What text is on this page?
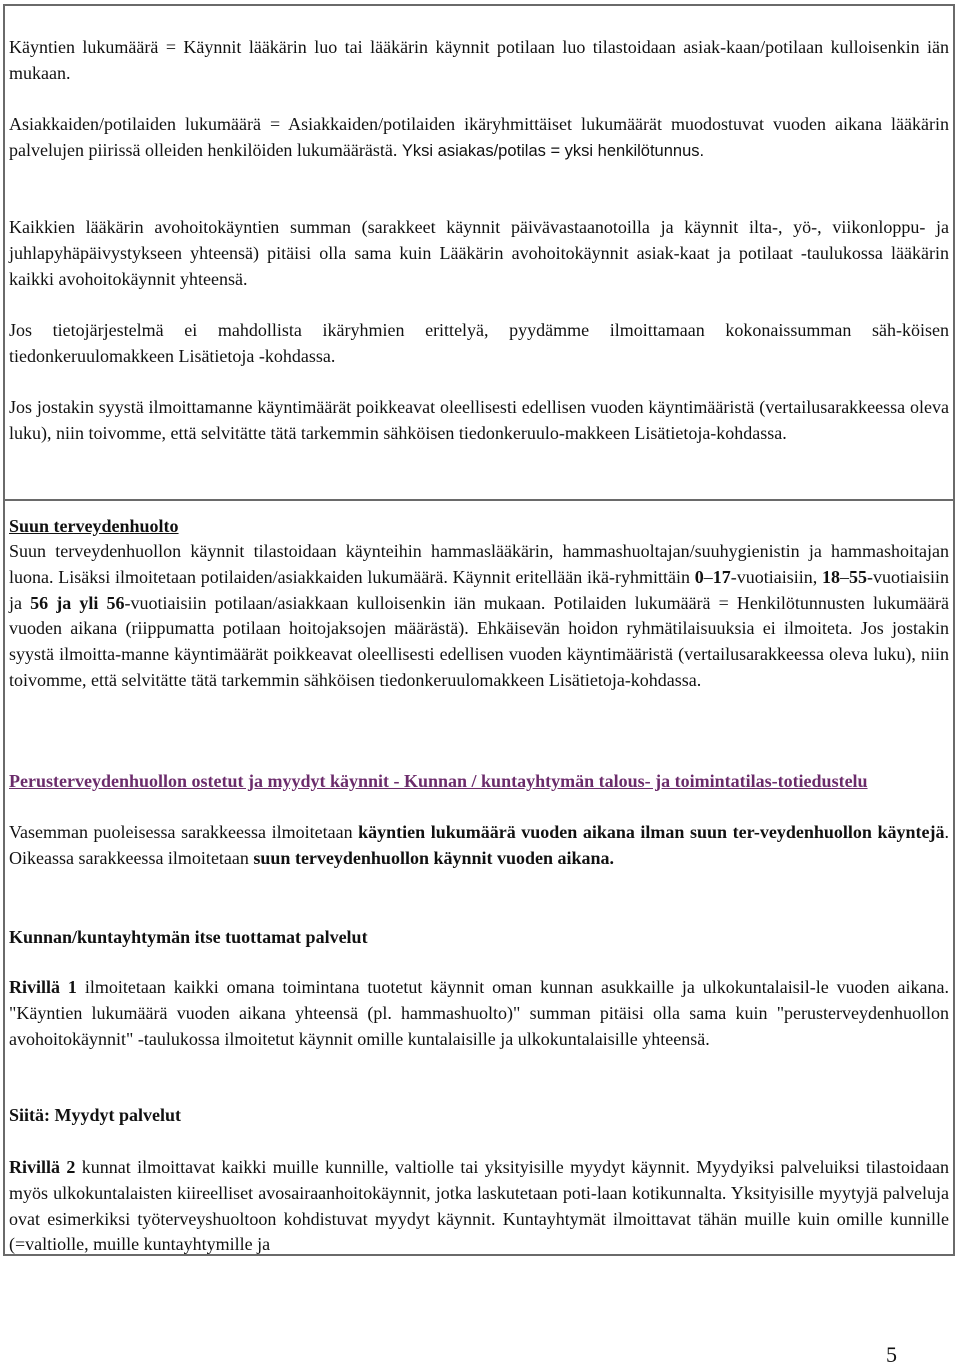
Käyntien lukumäärä = Käynnit lääkärin luo tai lääkärin käynnit potilaan luo tilastoidaan asiak-kaan/potilaan kulloisenkin iän mukaan.

Asiakkaiden/potilaiden lukumäärä = Asiakkaiden/potilaiden ikäryhmittäiset lukumäärät muodostuvat vuoden aikana lääkärin palvelujen piirissä olleiden henkilöiden lukumäärästä. Yksi asiakas/potilas = yksi henkilötunnus.

Kaikkien lääkärin avohoitokäyntien summan (sarakkeet käynnit päivävastaanotoilla ja käynnit ilta-, yö-, viikonloppu- ja juhlapyhäpäivystykseen yhteensä) pitäisi olla sama kuin Lääkärin avohoitokäynnit asiak-kaat ja potilaat -taulukossa lääkärin kaikki avohoitokäynnit yhteensä.

Jos tietojärjestelmä ei mahdollista ikäryhmien erittelyä, pyydämme ilmoittamaan kokonaissumman säh-köisen tiedonkeruulomakkeen Lisätietoja -kohdassa.

Jos jostakin syystä ilmoittamanne käyntimäärät poikkeavat oleellisesti edellisen vuoden käyntimääristä (vertailusarakkeessa oleva luku), niin toivomme, että selvitätte tätä tarkemmin sähköisen tiedonkeruulo-makkeen Lisätietoja-kohdassa.

Suun terveydenhuolto

Suun terveydenhuollon käynnit tilastoidaan käynteihin hammaslääkärin, hammashuoltajan/suuhygienistin ja hammashoitajan luona. Lisäksi ilmoitetaan potilaiden/asiakkaiden lukumäärä. Käynnit eritellään ikä-ryhmittäin 0–17-vuotiaisiin, 18–55-vuotiaisiin ja 56 ja yli 56-vuotiaisiin potilaan/asiakkaan kulloisenkin iän mukaan. Potilaiden lukumäärä = Henkilötunnusten lukumäärä vuoden aikana (riippumatta potilaan hoitojaksojen määrästä). Ehkäisevän hoidon ryhmätilaisuuksia ei ilmoiteta. Jos jostakin syystä ilmoitta-manne käyntimäärät poikkeavat oleellisesti edellisen vuoden käyntimääristä (vertailusarakkeessa oleva luku), niin toivomme, että selvitätte tätä tarkemmin sähköisen tiedonkeruulomakkeen Lisätietoja-kohdassa.

Perusterveydenhuollon ostetut ja myydyt käynnit - Kunnan / kuntayhtymän talous- ja toimintatilas-totiedustelu

Vasemman puoleisessa sarakkeessa ilmoitetaan käyntien lukumäärä vuoden aikana ilman suun ter-veydenhuollon käyntejä. Oikeassa sarakkeessa ilmoitetaan suun terveydenhuollon käynnit vuoden aikana.

Kunnan/kuntayhtymän itse tuottamat palvelut

Rivillä 1 ilmoitetaan kaikki omana toimintana tuotetut käynnit oman kunnan asukkaille ja ulkokuntalaisil-le vuoden aikana. "Käyntien lukumäärä vuoden aikana yhteensä (pl. hammashuolto)" summan pitäisi olla sama kuin "perusterveydenhuollon avohoitokäynnit" -taulukossa ilmoitetut käynnit omille kuntalaisille ja ulkokuntalaisille yhteensä.

Siitä: Myydyt palvelut

Rivillä 2 kunnat ilmoittavat kaikki muille kunnille, valtiolle tai yksityisille myydyt käynnit. Myydyiksi palveluiksi tilastoidaan myös ulkokuntalaisten kiireelliset avosairaanhoitokäynnit, jotka laskutetaan poti-laan kotikunnalta. Yksityisille myytyjä palveluja ovat esimerkiksi työterveyshuoltoon kohdistuvat myydyt käynnit. Kuntayhtymät ilmoittavat tähän muille kuin omille kunnille (=valtiolle, muille kuntayhtymille ja

5
